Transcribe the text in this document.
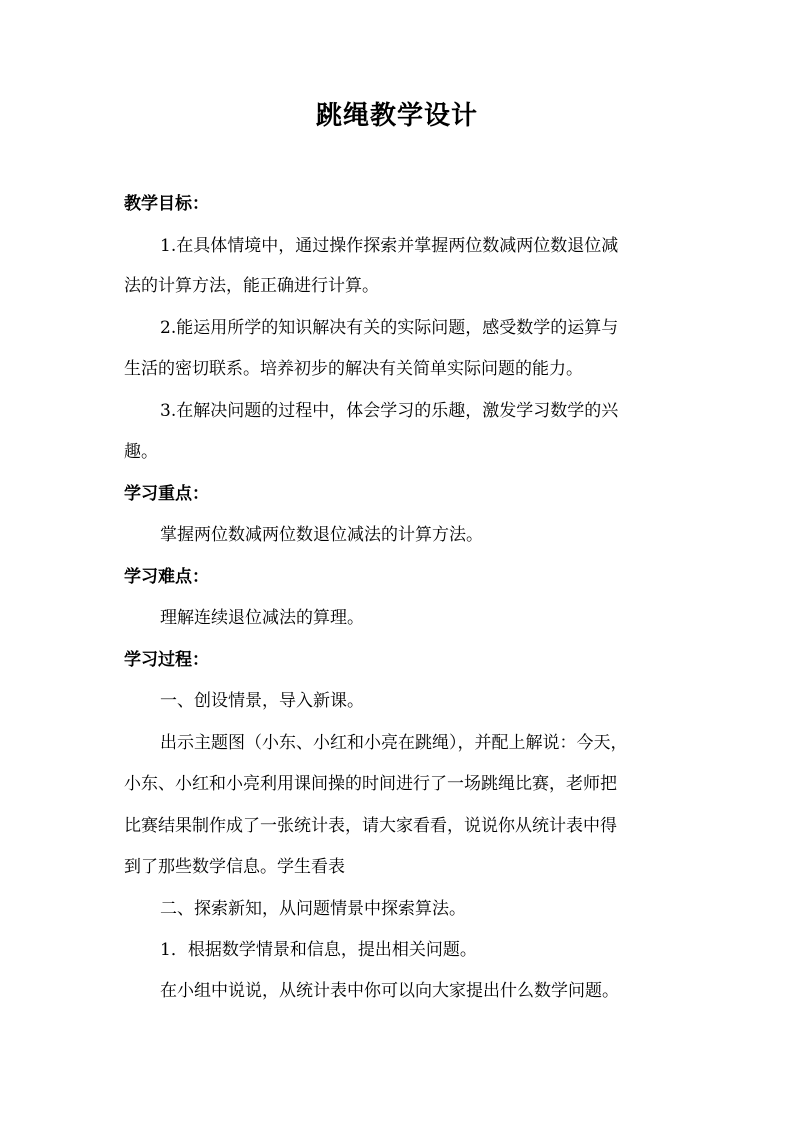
跳绳教学设计
教学目标：
1.在具体情境中，通过操作探索并掌握两位数减两位数退位减
法的计算方法，能正确进行计算。
2.能运用所学的知识解决有关的实际问题，感受数学的运算与
生活的密切联系。培养初步的解决有关简单实际问题的能力。
3.在解决问题的过程中，体会学习的乐趣，激发学习数学的兴
趣。
学习重点：
掌握两位数减两位数退位减法的计算方法。
学习难点：
理解连续退位减法的算理。
学习过程：
一、创设情景，导入新课。
出示主题图（小东、小红和小亮在跳绳），并配上解说：今天，
小东、小红和小亮利用课间操的时间进行了一场跳绳比赛，老师把
比赛结果制作成了一张统计表，请大家看看，说说你从统计表中得
到了那些数学信息。学生看表
二、探索新知，从问题情景中探索算法。
1．根据数学情景和信息，提出相关问题。
在小组中说说，从统计表中你可以向大家提出什么数学问题。
